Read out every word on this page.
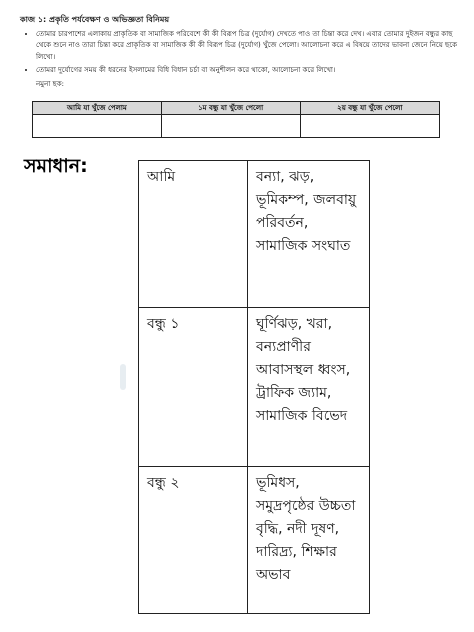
কাজ ১: প্রকৃতি পর্যবেক্ষণ ও অভিজ্ঞতা বিনিময়
• তোমার চারপাশের এলাকায় প্রাকৃতিক বা সামাজিক পরিবেশে কী কী বিরূপ চিত্র (দুর্যোগ) দেখতে পাও তা চিন্তা করে দেখ। এবার তোমার দুইজন বন্ধুর কাছ থেকে শুনে নাও তারা চিন্তা করে প্রাকৃতিক বা সামাজিক কী কী বিরূপ চিত্র (দুর্যোগ) খুঁজে পেলো। আলোচনা করে এ বিষয়ে তাদের ভাবনা জেনে নিয়ে ছকে লিখো।
• তোমরা দুর্যোগের সময় কী ধরনের ইসলামের বিধি বিধান চর্চা বা অনুশীলন করে থাকো, আলোচনা করে লিখো।
নমুনা ছক:
আমি যা খুঁজে পেলাম	১ম বন্ধু যা খুঁজে পেলো	২য় বন্ধু যা খুঁজে পেলো

সমাধান:	আমি	বন্যা, ঝড়, ভূমিকম্প, জলবায়ু পরিবর্তন, সামাজিক সংঘাত
বন্ধু ১	ঘূর্ণিঝড়, খরা, বন্যপ্রাণীর আবাসস্থল ধ্বংস, ট্রাফিক জ্যাম, সামাজিক বিভেদ
বন্ধু ২	ভূমিধস, সমুদ্রপৃষ্ঠের উচ্চতা বৃদ্ধি, নদী দূষণ, দারিদ্র্য, শিক্ষার অভাব
